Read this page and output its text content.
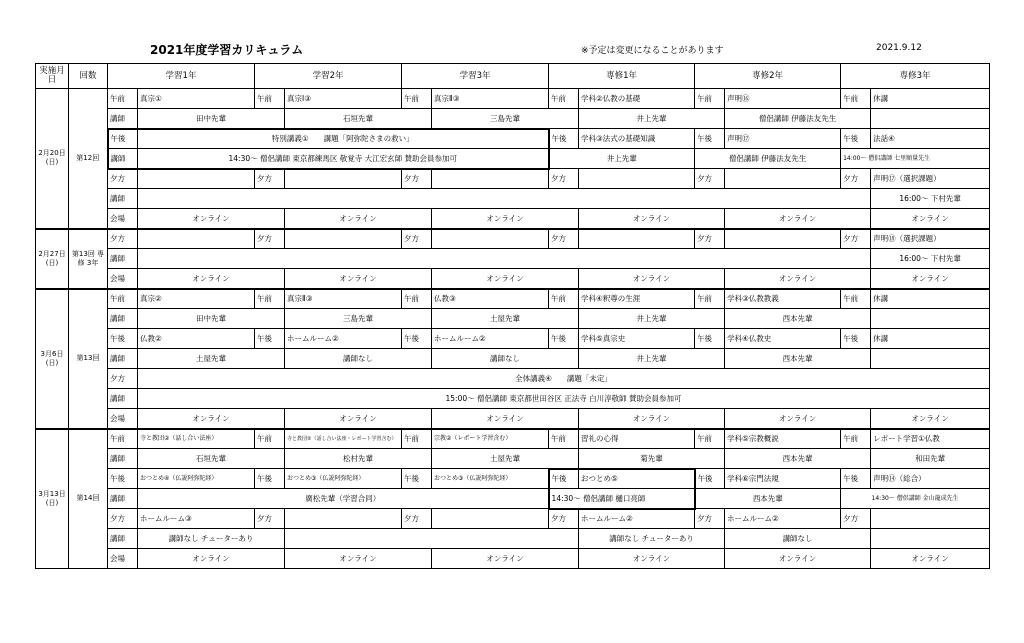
2021年度学習カリキュラム	※予定は変更になることがあります	2021.9.12
実施月日	回数	学習1年		学習2年		学習3年		専修1年		専修2年		専修3年	
2月20日(日)	第12回	午前	真宗①	午前	真宗Ⅰ③	午前	真宗Ⅱ③	午前	学科②仏教の基礎	午前	声明⑯	午前	休講
		講師	田中先輩		石垣先輩		三島先輩		井上先輩		僧侶講師 伊藤法友先生		
		午後	特別講義①　　講題「阿弥陀さまの救い」					午後	学科③法式の基礎知識	午後	声明⑰	午後	法話④
		講師	14:30～ 僧侶講師 東京都練馬区 敬覚寺 大江宏玄師 賛助会員参加可					井上先輩		僧侶講師 伊藤法友先生		14:00～ 僧侶講師 七里順量先生	
		夕方		夕方		夕方		夕方		夕方		夕方	声明⑰（選択課題）
		講師											16:00～ 下村先輩
		会場	オンライン		オンライン		オンライン		オンライン		オンライン		オンライン
2月27日(日)	第13回 専修 3年	夕方		夕方		夕方		夕方		夕方		夕方	声明⑱（選択課題）
		講師											16:00～ 下村先輩
		会場	オンライン		オンライン		オンライン		オンライン		オンライン		オンライン
3月6日(日)	第13回	午前	真宗②	午前	真宗Ⅱ③	午前	仏教③	午前	学科④釈尊の生涯	午前	学科③仏教教義	午前	休講
		講師	田中先輩		三島先輩		土屋先輩		井上先輩		西本先輩		
		午後	仏教②	午後	ホームルーム②	午後	ホームルーム②	午後	学科⑤真宗史	午後	学科④仏教史	午後	休講
		講師	土屋先輩		講師なし		講師なし		井上先輩		西本先輩		
		夕方	全体講義④　　講題「未定」										
		講師	15:00～ 僧侶講師 東京都世田谷区 正法寺 白川淳敬師 賛助会員参加可										
		会場	オンライン		オンライン		オンライン		オンライン		オンライン		オンライン
3月13日(日)	第14回	午前	寺と教団②（話し合い法座）	午前	寺と教団②（話し合い法座・レポート学習含む）	午前	宗教②（レポート学習含む）	午前	習礼の心得	午前	学科⑤宗教概説	午前	レポート学習①仏教
		講師	石垣先輩		松村先輩		土屋先輩		菊先輩		西本先輩		和田先輩
		午後	おつとめ④（仏説阿弥陀経）	午後	おつとめ③（仏説阿弥陀経）	午後	おつとめ③（仏説阿弥陀経）	午後	おつとめ⑤	午後	学科⑥宗門法規	午後	声明⑭（総合）
		講師	廣松先輩（学習合同）					14:30～ 僧侶講師 樋口亮師		西本先輩		14:30～ 僧侶講師 金山龍成先生	
		夕方	ホームルーム③	夕方		夕方		夕方	ホームルーム②	夕方	ホームルーム②	夕方	
		講師	講師なし チューターあり						講師なし チューターあり		講師なし		
		会場	オンライン		オンライン		オンライン		オンライン		オンライン		オンライン
